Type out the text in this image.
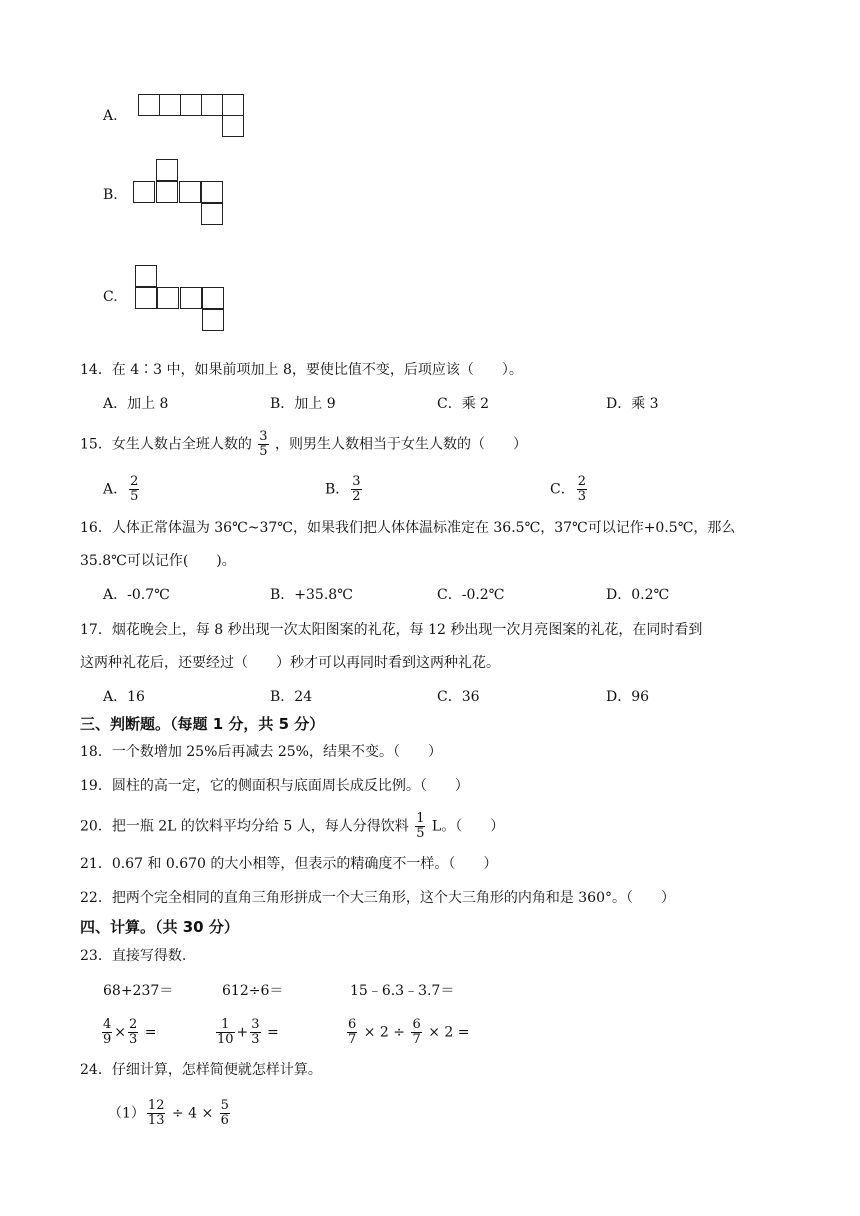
A.
B.
C.
14．在 4∶3 中，如果前项加上 8，要使比值不变，后项应该（　　）。
A．加上 8	B．加上 9	C．乘 2	D．乘 3
15．女生人数占全班人数的 $\frac{3}{5}$ ，则男生人数相当于女生人数的（　　）
A． $\frac{2}{5}$	B． $\frac{3}{2}$	C． $\frac{2}{3}$
16．人体正常体温为 36℃~37℃，如果我们把人体体温标准定在 36.5℃，37℃可以记作+0.5℃，那么
35.8℃可以记作(　　)。
A．-0.7℃	B．+35.8℃	C．-0.2℃	D．0.2℃
17．烟花晚会上，每 8 秒出现一次太阳图案的礼花，每 12 秒出现一次月亮图案的礼花，在同时看到
这两种礼花后，还要经过（　　）秒才可以再同时看到这两种礼花。
A．16	B．24	C．36	D．96
三、判断题。（每题 1 分，共 5 分）
18．一个数增加 25%后再减去 25%，结果不变。（　　）
19．圆柱的高一定，它的侧面积与底面周长成反比例。（　　）
20．把一瓶 2L 的饮料平均分给 5 人，每人分得饮料 $\frac{1}{5}$ L。（　　）
21．0.67 和 0.670 的大小相等，但表示的精确度不一样。（　　）
22．把两个完全相同的直角三角形拼成一个大三角形，这个大三角形的内角和是 360°。（　　）
四、计算。（共 30 分）
23．直接写得数.
68+237＝	612÷6＝	15﹣6.3﹣3.7＝
$\frac{4}{9} \times \frac{2}{3}$ =	$\frac{1}{10} + \frac{3}{3}$ =	$\frac{6}{7} \times 2 \div \frac{6}{7} \times 2$ =
24．仔细计算，怎样简便就怎样计算。
$(1) \frac{12}{13} \div 4 \times \frac{5}{6}$
